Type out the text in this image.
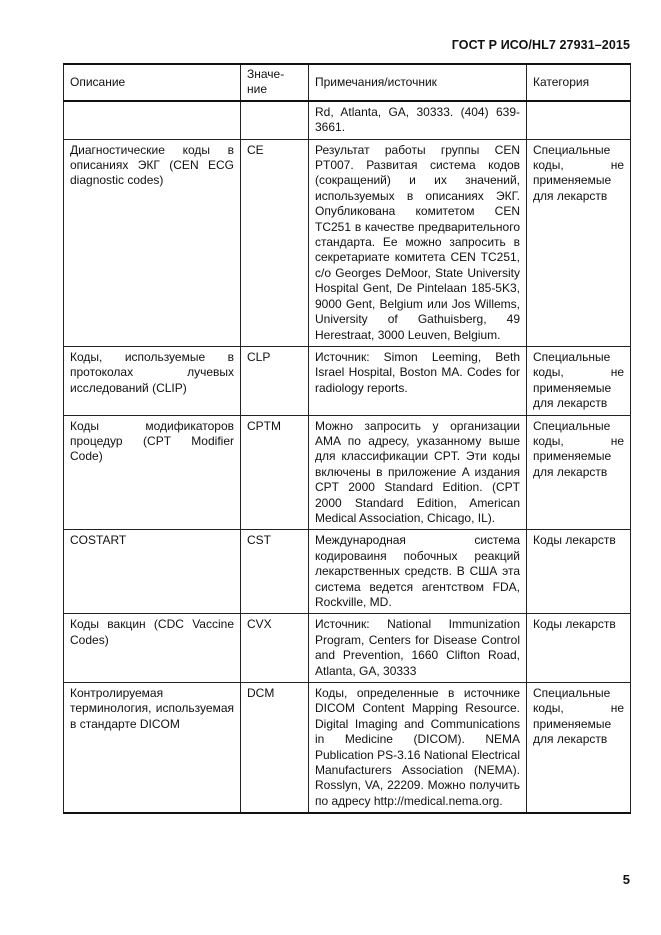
ГОСТ Р ИСО/HL7 27931–2015
Описание	Значе-ние	Примечания/источник	Категория
		Rd, Atlanta, GA, 30333. (404) 639-3661.	
Диагностические коды в описаниях ЭКГ (CEN ECG diagnostic codes)	CE	Результат работы группы CEN PT007. Развитая система кодов (сокращений) и их значений, используемых в описаниях ЭКГ. Опубликована комитетом CEN TC251 в качестве предварительного стандарта. Ее можно запросить в секретариате комитета CEN TC251, c/o Georges DeMoor, State University Hospital Gent, De Pintelaan 185-5K3, 9000 Gent, Belgium или Jos Willems, University of Gathuisberg, 49 Herestraat, 3000 Leuven, Belgium.	Специальные коды, не применяемые для лекарств
Коды, используемые в протоколах лучевых исследований (CLIP)	CLP	Источник: Simon Leeming, Beth Israel Hospital, Boston MA. Codes for radiology reports.	Специальные коды, не применяемые для лекарств
Коды модификаторов процедур (CPT Modifier Code)	CPTM	Можно запросить у организации AMA по адресу, указанному выше для классификации CPT. Эти коды включены в приложение A издания CPT 2000 Standard Edition. (CPT 2000 Standard Edition, American Medical Association, Chicago, IL).	Специальные коды, не применяемые для лекарств
COSTART	CST	Международная система кодироваиня побочных реакций лекарственных средств. В США эта система ведется агентством FDA, Rockville, MD.	Коды лекарств
Коды вакцин (CDC Vaccine Codes)	CVX	Источник: National Immunization Program, Centers for Disease Control and Prevention, 1660 Clifton Road, Atlanta, GA, 30333	Коды лекарств
Контролируемая терминология, используемая в стандарте DICOM	DCM	Коды, определенные в источнике DICOM Content Mapping Resource. Digital Imaging and Communications in Medicine (DICOM). NEMA Publication PS-3.16 National Electrical Manufacturers Association (NEMA). Rosslyn, VA, 22209. Можно получить по адресу http://medical.nema.org.	Специальные коды, не применяемые для лекарств
5
